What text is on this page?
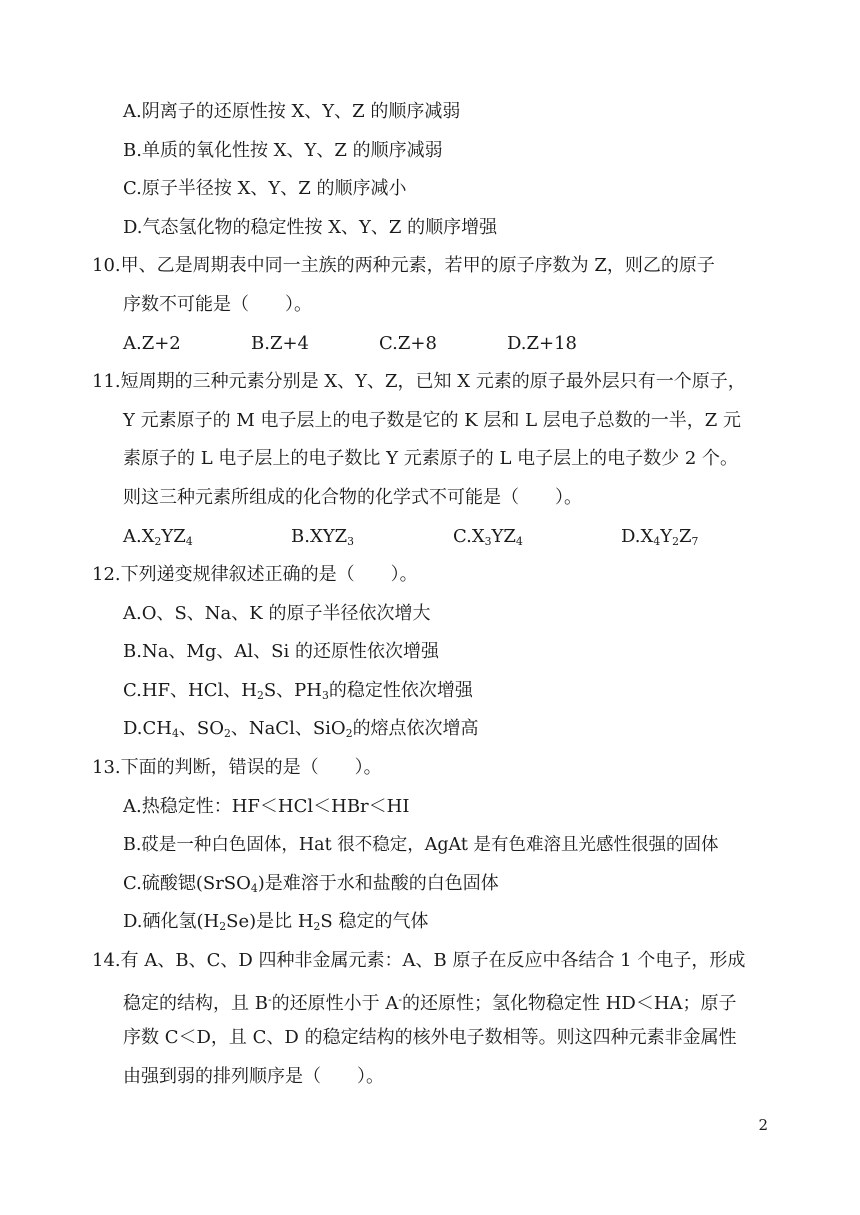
A.阴离子的还原性按 X、Y、Z 的顺序减弱
B.单质的氧化性按 X、Y、Z 的顺序减弱
C.原子半径按 X、Y、Z 的顺序减小
D.气态氢化物的稳定性按 X、Y、Z 的顺序增强
10.甲、乙是周期表中同一主族的两种元素，若甲的原子序数为 Z，则乙的原子
序数不可能是（　　）。
A.Z+2	B.Z+4	C.Z+8	D.Z+18
11.短周期的三种元素分别是 X、Y、Z，已知 X 元素的原子最外层只有一个原子，
Y 元素原子的 M 电子层上的电子数是它的 K 层和 L 层电子总数的一半，Z 元
素原子的 L 电子层上的电子数比 Y 元素原子的 L 电子层上的电子数少 2 个。
则这三种元素所组成的化合物的化学式不可能是（　　）。
$A.X_2YZ_4$	$B.XYZ_3$	$C.X_3YZ_4$	$D.X_4Y_2Z_7$
12.下列递变规律叙述正确的是（　　）。
A.O、S、Na、K 的原子半径依次增大
B.Na、Mg、Al、Si 的还原性依次增强
C.HF、HCl、$H_2S$、$PH_3$的稳定性依次增强
$D.CH_4$、$SO_2$、NaCl、SiO$_2$的熔点依次增高
13.下面的判断，错误的是（　　）。
A.热稳定性：HF＜HCl＜HBr＜HI
B.砹是一种白色固体，Hat 很不稳定，AgAt 是有色难溶且光感性很强的固体
C.硫酸锶(SrSO$_4$)是难溶于水和盐酸的白色固体
D.硒化氢$(H_2Se)$是比 $H_2S$ 稳定的气体
14.有 A、B、C、D 四种非金属元素：A、B 原子在反应中各结合 1 个电子，形成
稳定的结构，且 B-的还原性小于 A-的还原性；氢化物稳定性 HD＜HA；原子
序数 C＜D，且 C、D 的稳定结构的核外电子数相等。则这四种元素非金属性
由强到弱的排列顺序是（　　）。
2
